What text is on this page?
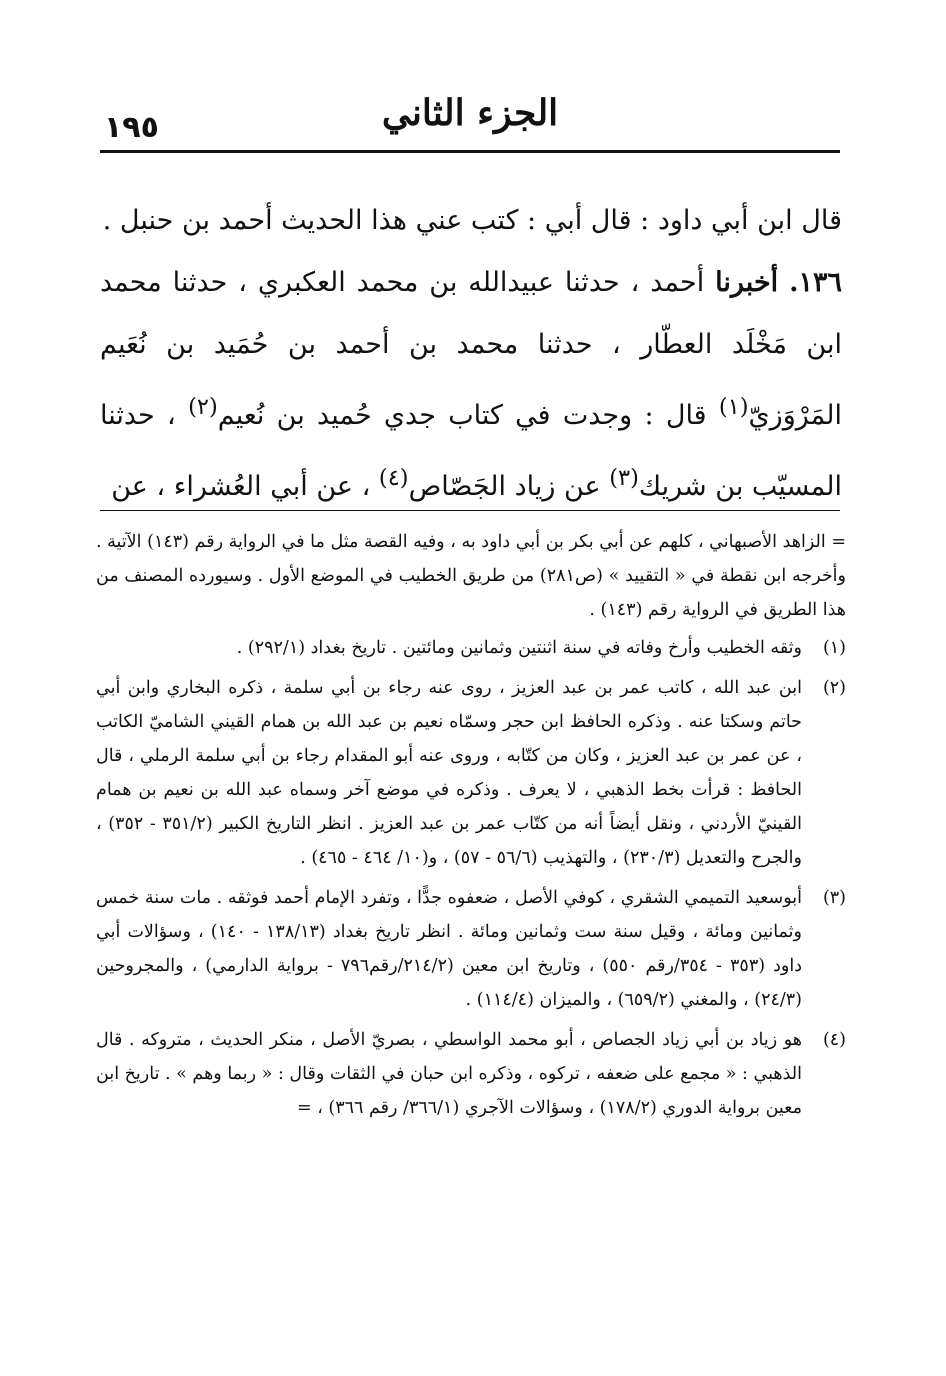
١٩٥	الجزء الثاني

قال ابن أبي داود : قال أبي : كتب عني هذا الحديث أحمد بن حنبل .

١٣٦. أخبرنا أحمد ، حدثنا عبيدالله بن محمد العكبري ، حدثنا محمد ابن مَخْلَد العطّار ، حدثنا محمد بن أحمد بن حُمَيد بن نُعَيم المَرْوَزيّ$^{(١)}$ قال : وجدت في كتاب جدي حُميد بن نُعيم$^{(٢)}$ ، حدثنا المسيّب بن شريك$^{(٣)}$ عن زياد الجَصّاص$^{(٤)}$ ، عن أبي العُشراء ، عن

= الزاهد الأصبهاني ، كلهم عن أبي بكر بن أبي داود به ، وفيه القصة مثل ما في الرواية رقم (١٤٣) الآتية . وأخرجه ابن نقطة في « التقييد » (ص٢٨١) من طريق الخطيب في الموضع الأول . وسيورده المصنف من هذا الطريق في الرواية رقم (١٤٣) .

(١)
وثقه الخطيب وأرخ وفاته في سنة اثنتين وثمانين ومائتين . تاريخ بغداد (٢٩٢/١) .
(٢)
ابن عبد الله ، كاتب عمر بن عبد العزيز ، روى عنه رجاء بن أبي سلمة ، ذكره البخاري وابن أبي حاتم وسكتا عنه . وذكره الحافظ ابن حجر وسمّاه نعيم بن عبد الله بن همام القيني الشاميّ الكاتب ، عن عمر بن عبد العزيز ، وكان من كتّابه ، وروى عنه أبو المقدام رجاء بن أبي سلمة الرملي ، قال الحافظ : قرأت بخط الذهبي ، لا يعرف . وذكره في موضع آخر وسماه عبد الله بن نعيم بن همام القينيّ الأردني ، ونقل أيضاً أنه من كتّاب عمر بن عبد العزيز . انظر التاريخ الكبير (٣٥١/٢ - ٣٥٢) ، والجرح والتعديل (٢٣٠/٣) ، والتهذيب (٥٦/٦ - ٥٧) ، و(١٠/ ٤٦٤ - ٤٦٥) .
(٣)
أبوسعيد التميمي الشقري ، كوفي الأصل ، ضعفوه جدًّا ، وتفرد الإمام أحمد فوثقه . مات سنة خمس وثمانين ومائة ، وقيل سنة ست وثمانين ومائة . انظر تاريخ بغداد (١٣٨/١٣ - ١٤٠) ، وسؤالات أبي داود (٣٥٣ - ٣٥٤/رقم ٥٥٠) ، وتاريخ ابن معين (٢١٤/٢/رقم٧٩٦ - برواية الدارمي) ، والمجروحين (٢٤/٣) ، والمغني (٦٥٩/٢) ، والميزان (١١٤/٤) .
(٤)
هو زياد بن أبي زياد الجصاص ، أبو محمد الواسطي ، بصريّ الأصل ، منكر الحديث ، متروكه . قال الذهبي : « مجمع على ضعفه ، تركوه ، وذكره ابن حبان في الثقات وقال : « ربما وهم » . تاريخ ابن معين برواية الدوري (١٧٨/٢) ، وسؤالات الآجري (٣٦٦/١/ رقم ٣٦٦) ، =
